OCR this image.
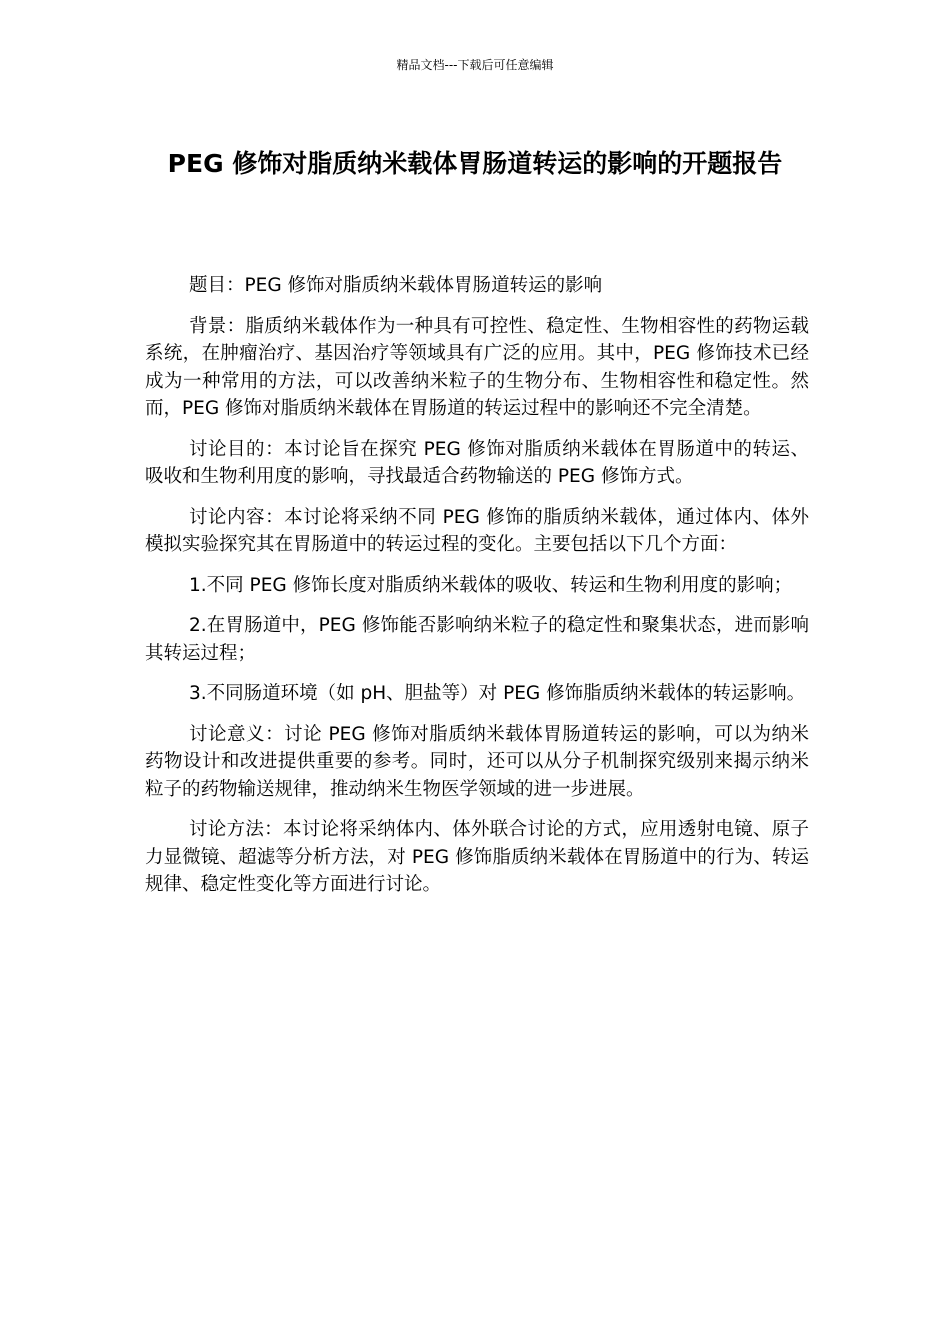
精品文档---下载后可任意编辑
PEG 修饰对脂质纳米载体胃肠道转运的影响的开题报告

题目：PEG 修饰对脂质纳米载体胃肠道转运的影响

背景：脂质纳米载体作为一种具有可控性、稳定性、生物相容性的药物运载系统，在肿瘤治疗、基因治疗等领域具有广泛的应用。其中，PEG 修饰技术已经成为一种常用的方法，可以改善纳米粒子的生物分布、生物相容性和稳定性。然而，PEG 修饰对脂质纳米载体在胃肠道的转运过程中的影响还不完全清楚。

讨论目的：本讨论旨在探究 PEG 修饰对脂质纳米载体在胃肠道中的转运、吸收和生物利用度的影响，寻找最适合药物输送的 PEG 修饰方式。

讨论内容：本讨论将采纳不同 PEG 修饰的脂质纳米载体，通过体内、体外模拟实验探究其在胃肠道中的转运过程的变化。主要包括以下几个方面：

1.不同 PEG 修饰长度对脂质纳米载体的吸收、转运和生物利用度的影响；

2.在胃肠道中，PEG 修饰能否影响纳米粒子的稳定性和聚集状态，进而影响其转运过程；

3.不同肠道环境（如 pH、胆盐等）对 PEG 修饰脂质纳米载体的转运影响。

讨论意义：讨论 PEG 修饰对脂质纳米载体胃肠道转运的影响，可以为纳米药物设计和改进提供重要的参考。同时，还可以从分子机制探究级别来揭示纳米粒子的药物输送规律，推动纳米生物医学领域的进一步进展。

讨论方法：本讨论将采纳体内、体外联合讨论的方式，应用透射电镜、原子力显微镜、超滤等分析方法，对 PEG 修饰脂质纳米载体在胃肠道中的行为、转运规律、稳定性变化等方面进行讨论。
